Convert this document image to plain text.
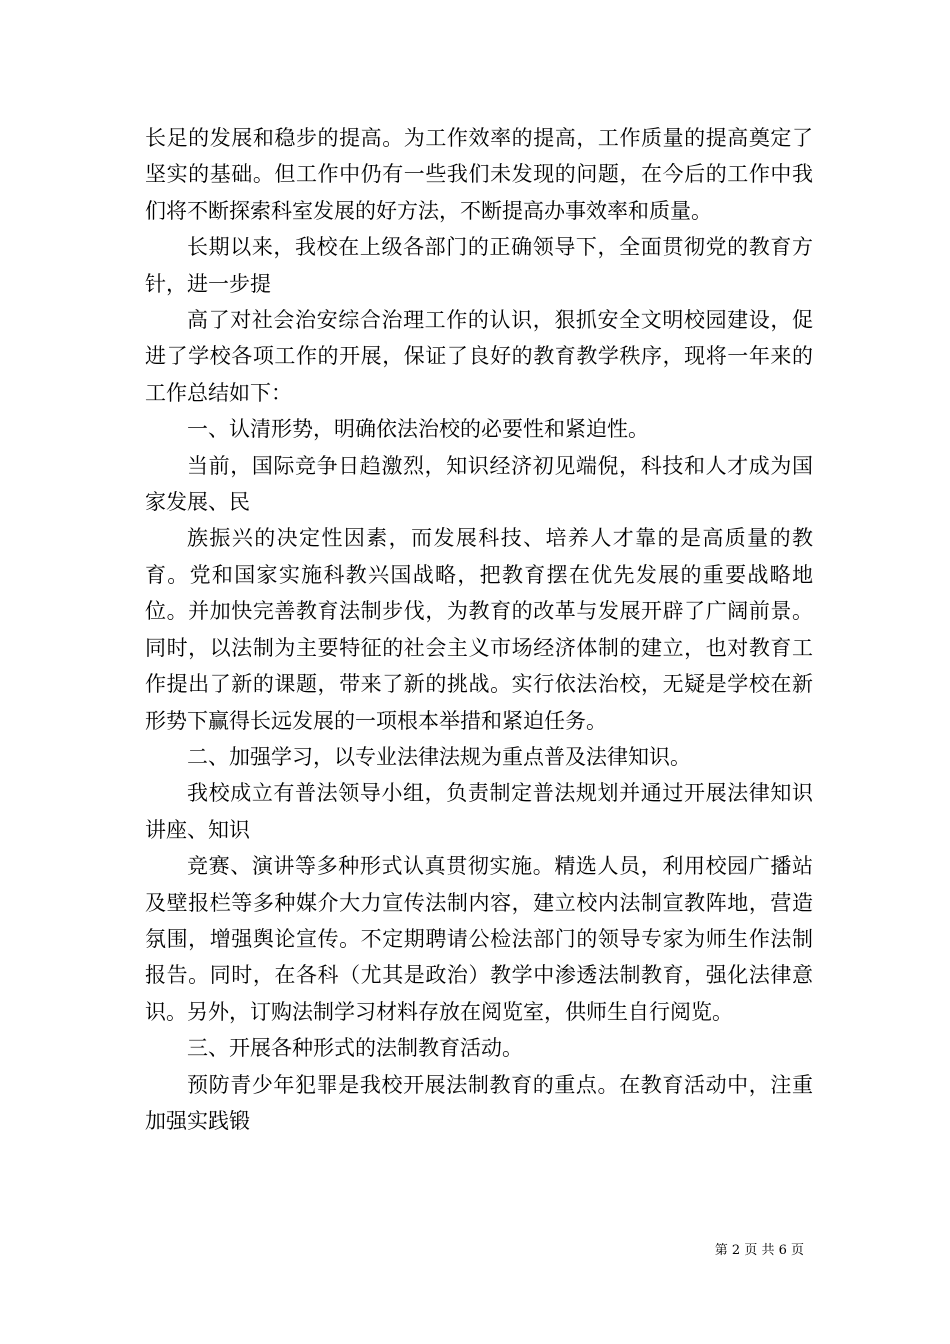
长足的发展和稳步的提高。为工作效率的提高，工作质量的提高奠定了坚实的基础。但工作中仍有一些我们未发现的问题，在今后的工作中我们将不断探索科室发展的好方法，不断提高办事效率和质量。

长期以来，我校在上级各部门的正确领导下，全面贯彻党的教育方针，进一步提

高了对社会治安综合治理工作的认识，狠抓安全文明校园建设，促进了学校各项工作的开展，保证了良好的教育教学秩序，现将一年来的工作总结如下：

一、认清形势，明确依法治校的必要性和紧迫性。

当前，国际竞争日趋激烈，知识经济初见端倪，科技和人才成为国家发展、民

族振兴的决定性因素，而发展科技、培养人才靠的是高质量的教育。党和国家实施科教兴国战略，把教育摆在优先发展的重要战略地位。并加快完善教育法制步伐，为教育的改革与发展开辟了广阔前景。同时，以法制为主要特征的社会主义市场经济体制的建立，也对教育工作提出了新的课题，带来了新的挑战。实行依法治校，无疑是学校在新形势下赢得长远发展的一项根本举措和紧迫任务。

二、加强学习，以专业法律法规为重点普及法律知识。

我校成立有普法领导小组，负责制定普法规划并通过开展法律知识讲座、知识

竞赛、演讲等多种形式认真贯彻实施。精选人员，利用校园广播站及壁报栏等多种媒介大力宣传法制内容，建立校内法制宣教阵地，营造氛围，增强舆论宣传。不定期聘请公检法部门的领导专家为师生作法制报告。同时，在各科（尤其是政治）教学中渗透法制教育，强化法律意识。另外，订购法制学习材料存放在阅览室，供师生自行阅览。

三、开展各种形式的法制教育活动。

预防青少年犯罪是我校开展法制教育的重点。在教育活动中，注重加强实践锻

第 2 页 共 6 页
